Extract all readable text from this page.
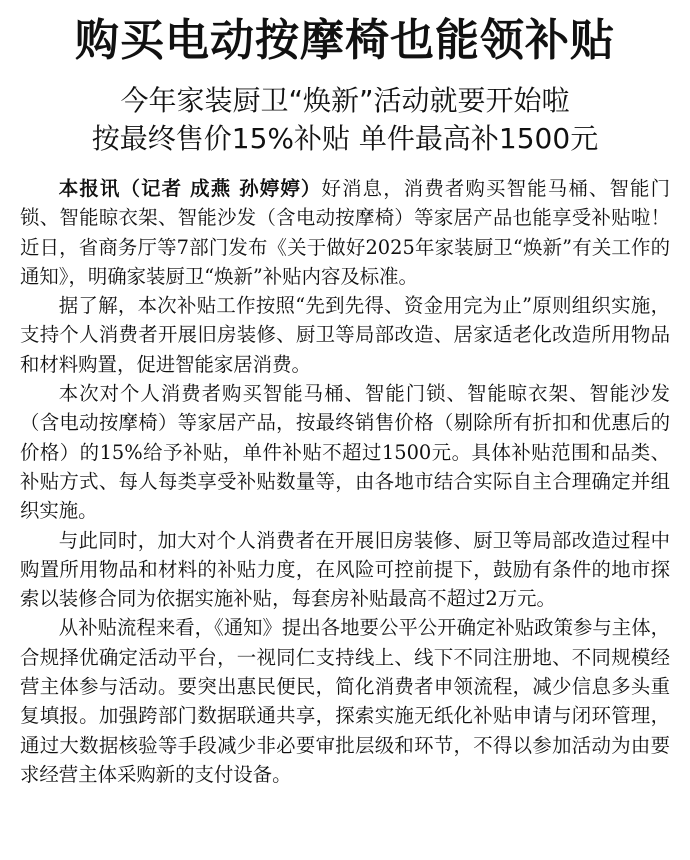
购买电动按摩椅也能领补贴
今年家装厨卫“焕新”活动就要开始啦
按最终售价15%补贴 单件最高补1500元

本报讯（记者 成燕 孙婷婷）好消息，消费者购买智能马桶、智能门锁、智能晾衣架、智能沙发（含电动按摩椅）等家居产品也能享受补贴啦！近日，省商务厅等7部门发布《关于做好2025年家装厨卫“焕新”有关工作的通知》，明确家装厨卫“焕新”补贴内容及标准。

据了解，本次补贴工作按照“先到先得、资金用完为止”原则组织实施，支持个人消费者开展旧房装修、厨卫等局部改造、居家适老化改造所用物品和材料购置，促进智能家居消费。

本次对个人消费者购买智能马桶、智能门锁、智能晾衣架、智能沙发（含电动按摩椅）等家居产品，按最终销售价格（剔除所有折扣和优惠后的价格）的15%给予补贴，单件补贴不超过1500元。具体补贴范围和品类、补贴方式、每人每类享受补贴数量等，由各地市结合实际自主合理确定并组织实施。

与此同时，加大对个人消费者在开展旧房装修、厨卫等局部改造过程中购置所用物品和材料的补贴力度，在风险可控前提下，鼓励有条件的地市探索以装修合同为依据实施补贴，每套房补贴最高不超过2万元。

从补贴流程来看，《通知》提出各地要公平公开确定补贴政策参与主体，合规择优确定活动平台，一视同仁支持线上、线下不同注册地、不同规模经营主体参与活动。要突出惠民便民，简化消费者申领流程，减少信息多头重复填报。加强跨部门数据联通共享，探索实施无纸化补贴申请与闭环管理，通过大数据核验等手段减少非必要审批层级和环节，不得以参加活动为由要求经营主体采购新的支付设备。
